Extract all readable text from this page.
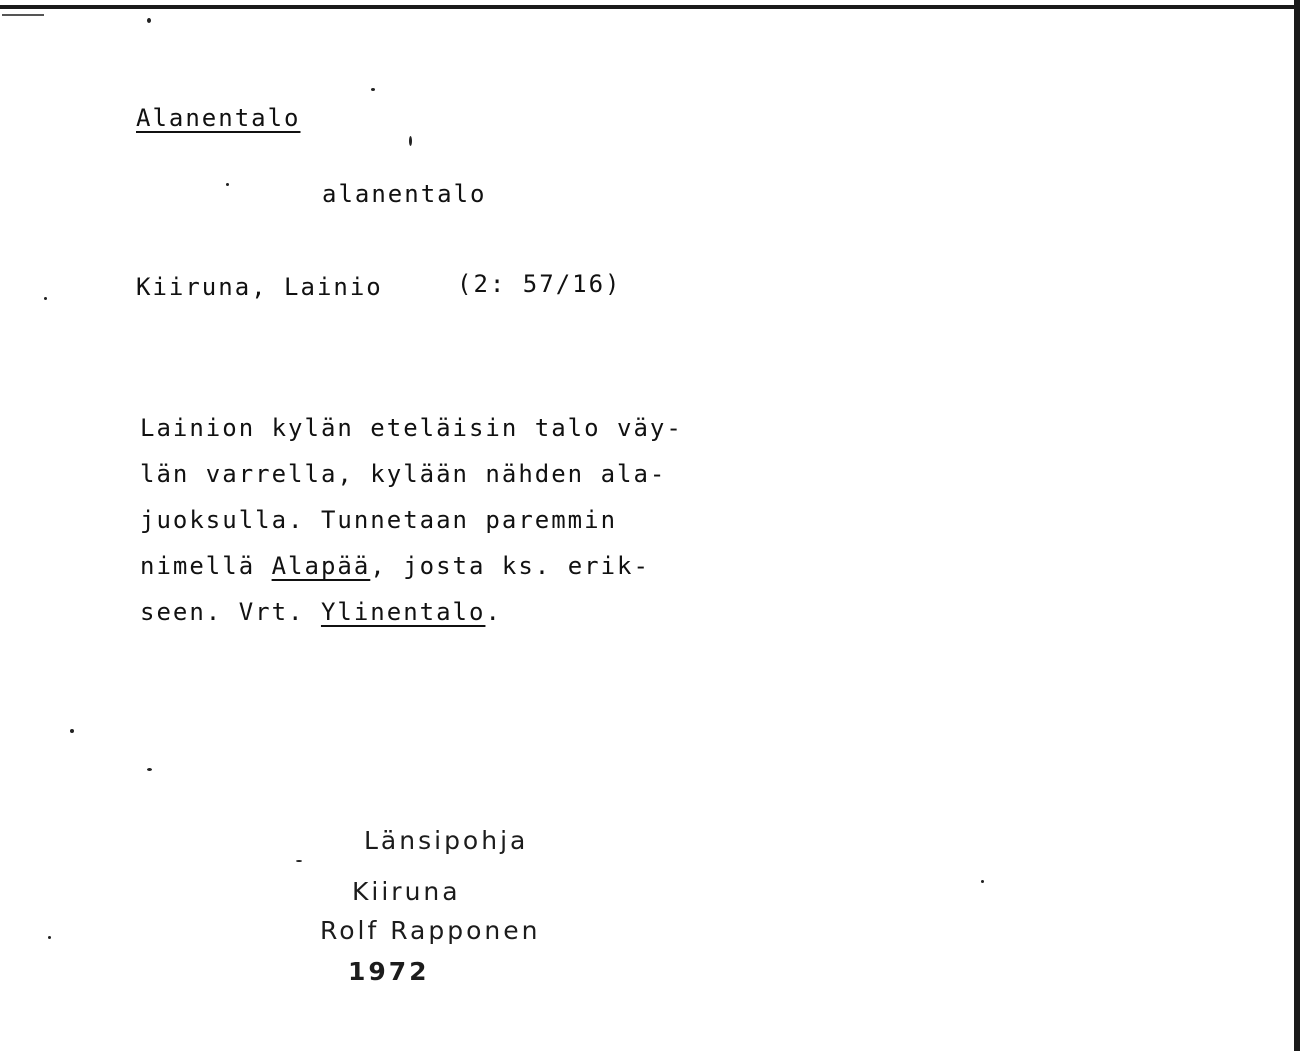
Alanentalo
alanentalo
Kiiruna, Lainio	(2: 57/16)
Lainion kylän eteläisin talo väy-
län varrella, kylään nähden ala-
juoksulla. Tunnetaan paremmin
nimellä Alapää, josta ks. erik-
seen. Vrt. Ylinentalo.
Länsipohja
Kiiruna
Rolf Rapponen
1972
